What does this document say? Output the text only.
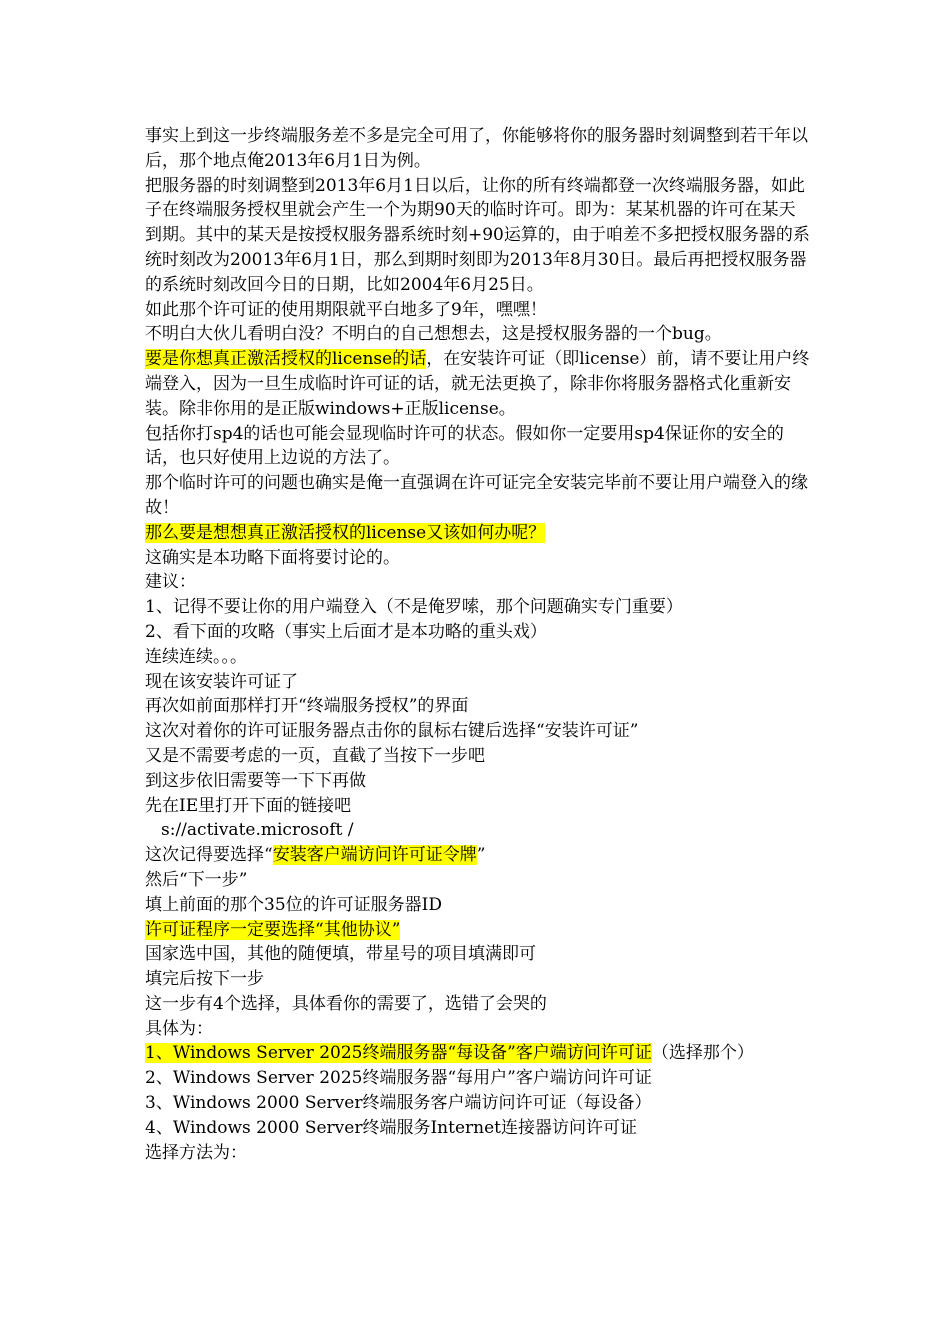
事实上到这一步终端服务差不多是完全可用了，你能够将你的服务器时刻调整到若干年以后，那个地点俺2013年6月1日为例。

把服务器的时刻调整到2013年6月1日以后，让你的所有终端都登一次终端服务器，如此子在终端服务授权里就会产生一个为期90天的临时许可。即为：某某机器的许可在某天到期。其中的某天是按授权服务器系统时刻+90运算的，由于咱差不多把授权服务器的系统时刻改为20013年6月1日，那么到期时刻即为2013年8月30日。最后再把授权服务器的系统时刻改回今日的日期，比如2004年6月25日。

如此那个许可证的使用期限就平白地多了9年，嘿嘿！

不明白大伙儿看明白没？不明白的自己想想去，这是授权服务器的一个bug。

要是你想真正激活授权的license的话，在安装许可证（即license）前，请不要让用户终端登入，因为一旦生成临时许可证的话，就无法更换了，除非你将服务器格式化重新安装。除非你用的是正版windows+正版license。

包括你打sp4的话也可能会显现临时许可的状态。假如你一定要用sp4保证你的安全的话，也只好使用上边说的方法了。

那个临时许可的问题也确实是俺一直强调在许可证完全安装完毕前不要让用户端登入的缘故！

那么要是想想真正激活授权的license又该如何办呢？

这确实是本功略下面将要讨论的。

建议：

1、记得不要让你的用户端登入（不是俺罗嗦，那个问题确实专门重要）

2、看下面的攻略（事实上后面才是本功略的重头戏）

连续连续。。。

现在该安装许可证了

再次如前面那样打开“终端服务授权”的界面

这次对着你的许可证服务器点击你的鼠标右键后选择“安装许可证”

又是不需要考虑的一页，直截了当按下一步吧

到这步依旧需要等一下下再做

先在IE里打开下面的链接吧

s://activate.microsoft /

这次记得要选择“安装客户端访问许可证令牌”

然后“下一步”

填上前面的那个35位的许可证服务器ID

许可证程序一定要选择“其他协议”

国家选中国，其他的随便填，带星号的项目填满即可

填完后按下一步

这一步有4个选择，具体看你的需要了，选错了会哭的

具体为：

1、Windows Server 2025终端服务器“每设备”客户端访问许可证（选择那个）

2、Windows Server 2025终端服务器“每用户”客户端访问许可证

3、Windows 2000 Server终端服务客户端访问许可证（每设备）

4、Windows 2000 Server终端服务Internet连接器访问许可证

选择方法为：
